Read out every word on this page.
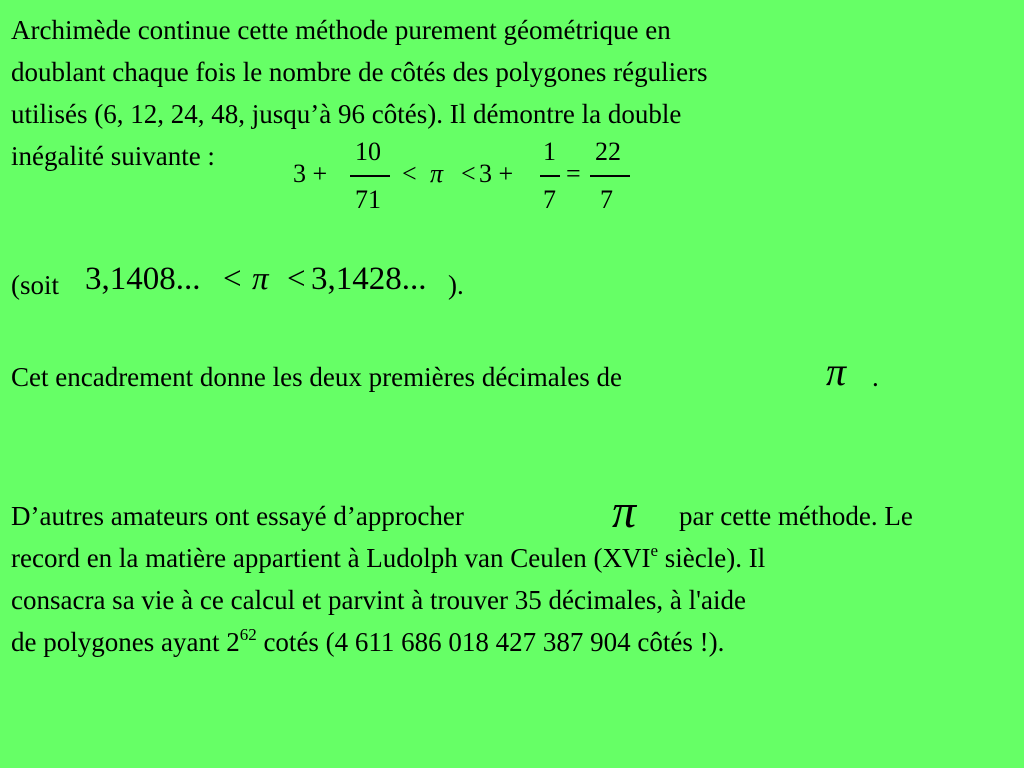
Archimède continue cette méthode purement géométrique en
doublant chaque fois le nombre de côtés des polygones réguliers
utilisés (6, 12, 24, 48, jusqu’à 96 côtés). Il démontre la double
inégalité suivante :
3 +
10
71
< π < 3 +
1
7
=
22
7
(soit 3,1408... < π < 3,1428... ).
Cet encadrement donne les deux premières décimales de	π .
D’autres amateurs ont essayé d’approcher	π par cette méthode. Le
record en la matière appartient à Ludolph van Ceulen (XVIe siècle). Il
consacra sa vie à ce calcul et parvint à trouver 35 décimales, à l'aide
de polygones ayant $2^{62}$ cotés (4 611 686 018 427 387 904 côtés !).
